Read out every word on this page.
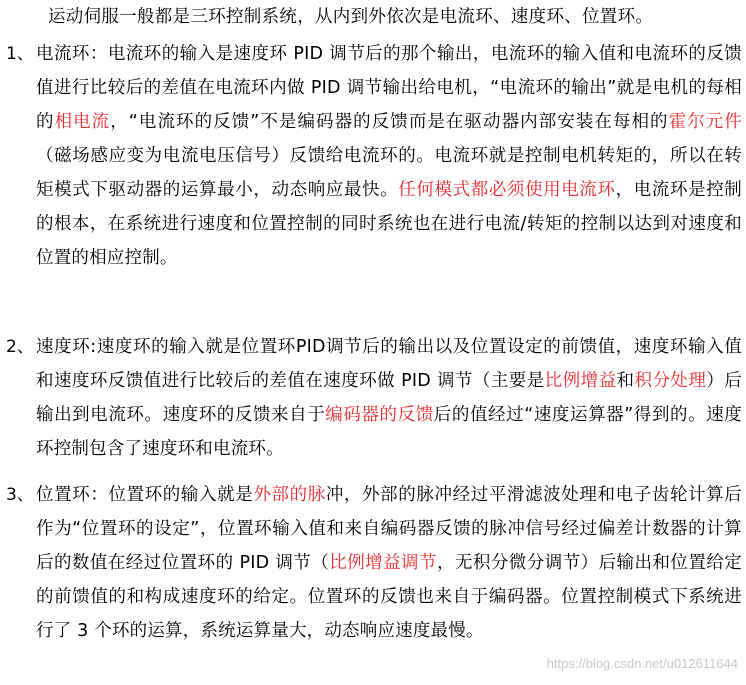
运动伺服一般都是三环控制系统，从内到外依次是电流环、速度环、位置环。
1、 电流环：电流环的输入是速度环 PID 调节后的那个输出，电流环的输入值和电流环的反馈值进行比较后的差值在电流环内做 PID 调节输出给电机，“电流环的输出”就是电机的每相的相电流，“电流环的反馈”不是编码器的反馈而是在驱动器内部安装在每相的霍尔元件（磁场感应变为电流电压信号）反馈给电流环的。电流环就是控制电机转矩的，所以在转矩模式下驱动器的运算最小，动态响应最快。任何模式都必须使用电流环，电流环是控制的根本，在系统进行速度和位置控制的同时系统也在进行电流/转矩的控制以达到对速度和位置的相应控制。
2、 速度环:速度环的输入就是位置环PID调节后的输出以及位置设定的前馈值，速度环输入值和速度环反馈值进行比较后的差值在速度环做 PID 调节（主要是比例增益和积分处理）后输出到电流环。速度环的反馈来自于编码器的反馈后的值经过“速度运算器”得到的。速度环控制包含了速度环和电流环。
3、 位置环：位置环的输入就是外部的脉冲，外部的脉冲经过平滑滤波处理和电子齿轮计算后作为“位置环的设定”，位置环输入值和来自编码器反馈的脉冲信号经过偏差计数器的计算后的数值在经过位置环的 PID 调节（比例增益调节，无积分微分调节）后输出和位置给定的前馈值的和构成速度环的给定。位置环的反馈也来自于编码器。位置控制模式下系统进行了 3 个环的运算，系统运算量大，动态响应速度最慢。
https://blog.csdn.net/u012611644
